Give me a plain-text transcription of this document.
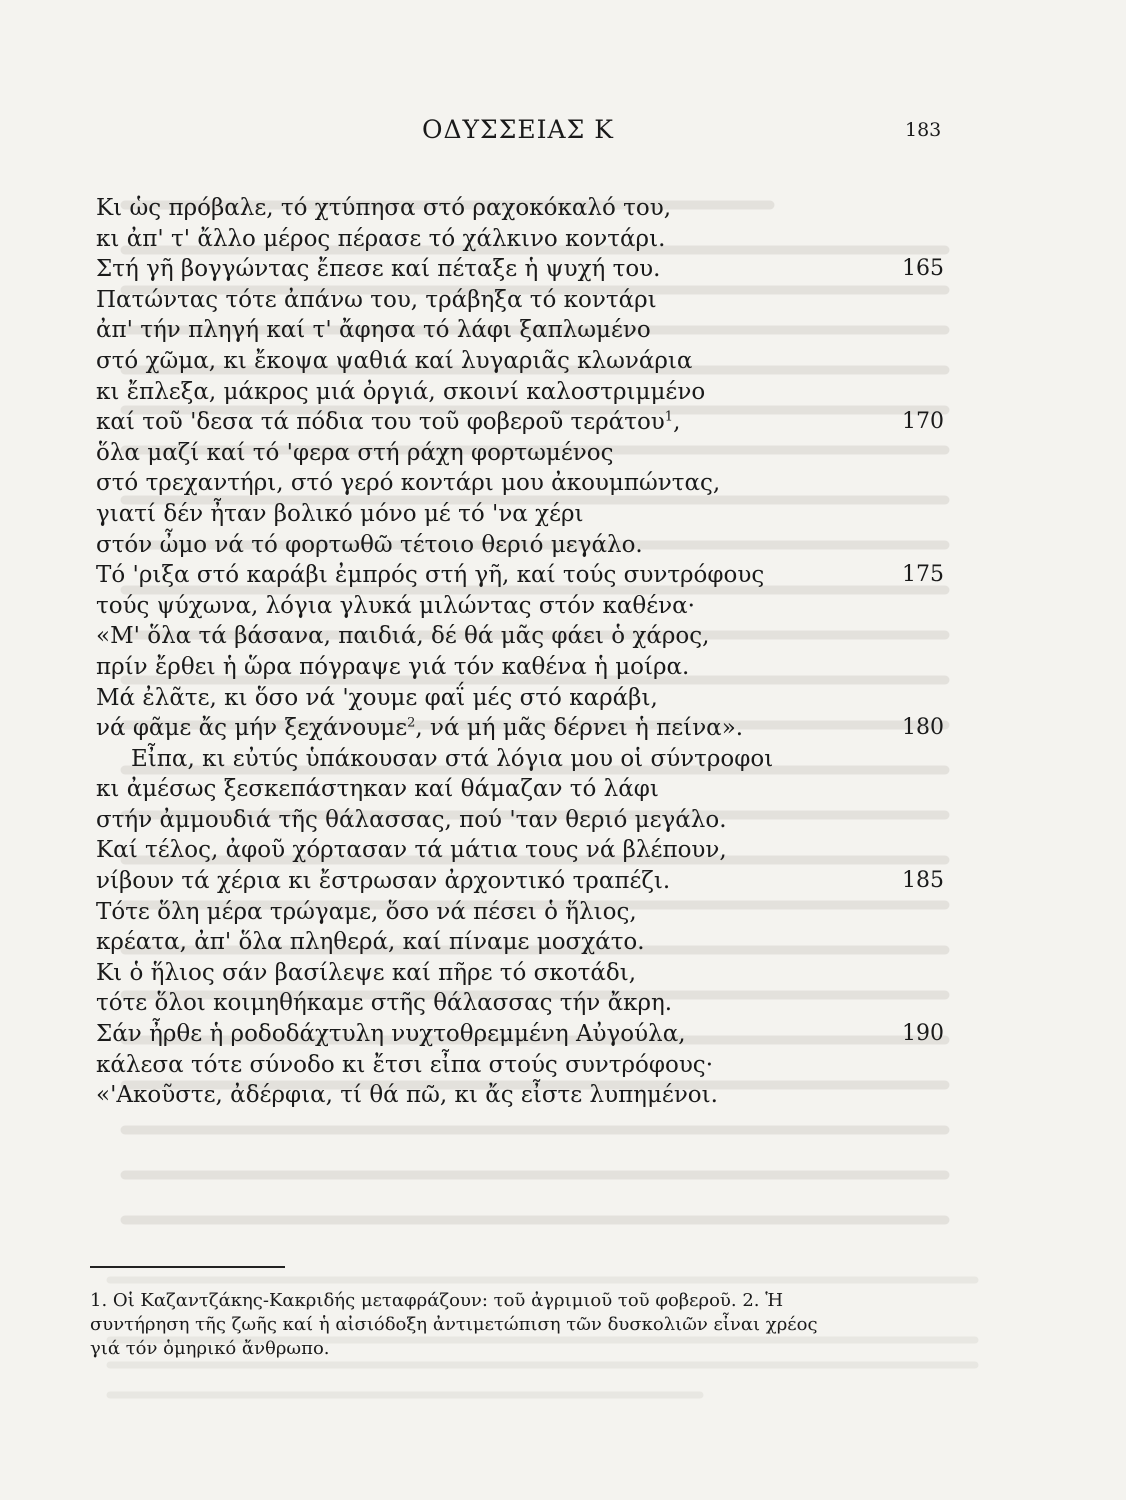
ΟΔΥΣΣΕΙΑΣ Κ	183
Κι ὡς πρόβαλε, τό χτύπησα στό ραχοκόκαλό του,
κι ἀπ' τ' ἄλλο μέρος πέρασε τό χάλκινο κοντάρι.
Στή γῆ βογγώντας ἔπεσε καί πέταξε ἡ ψυχή του.	165
Πατώντας τότε ἀπάνω του, τράβηξα τό κοντάρι
ἀπ' τήν πληγή καί τ' ἄφησα τό λάφι ξαπλωμένο
στό χῶμα, κι ἔκοψα ψαθιά καί λυγαριᾶς κλωνάρια
κι ἔπλεξα, μάκρος μιά ὀργιά, σκοινί καλοστριμμένο
καί τοῦ 'δεσα τά πόδια του τοῦ φοβεροῦ τεράτου$^1$,	170
ὅλα μαζί καί τό 'φερα στή ράχη φορτωμένος
στό τρεχαντήρι, στό γερό κοντάρι μου ἀκουμπώντας,
γιατί δέν ἦταν βολικό μόνο μέ τό 'να χέρι
στόν ὦμο νά τό φορτωθῶ τέτοιο θεριό μεγάλο.
Τό 'ριξα στό καράβι ἐμπρός στή γῆ, καί τούς συντρόφους	175
τούς ψύχωνα, λόγια γλυκά μιλώντας στόν καθένα·
«Μ' ὅλα τά βάσανα, παιδιά, δέ θά μᾶς φάει ὁ χάρος,
πρίν ἔρθει ἡ ὥρα πόγραψε γιά τόν καθένα ἡ μοίρα.
Μά ἐλᾶτε, κι ὅσο νά 'χουμε φαΐ μές στό καράβι,
νά φᾶμε ἄς μήν ξεχάνουμε$^2$, νά μή μᾶς δέρνει ἡ πείνα».	180
Εἶπα, κι εὐτύς ὑπάκουσαν στά λόγια μου οἱ σύντροφοι
κι ἀμέσως ξεσκεπάστηκαν καί θάμαζαν τό λάφι
στήν ἀμμουδιά τῆς θάλασσας, πού 'ταν θεριό μεγάλο.
Καί τέλος, ἀφοῦ χόρτασαν τά μάτια τους νά βλέπουν,
νίβουν τά χέρια κι ἔστρωσαν ἀρχοντικό τραπέζι.	185
Τότε ὅλη μέρα τρώγαμε, ὅσο νά πέσει ὁ ἥλιος,
κρέατα, ἀπ' ὅλα πληθερά, καί πίναμε μοσχάτο.
Κι ὁ ἥλιος σάν βασίλεψε καί πῆρε τό σκοτάδι,
τότε ὅλοι κοιμηθήκαμε στῆς θάλασσας τήν ἄκρη.
Σάν ἦρθε ἡ ροδοδάχτυλη νυχτοθρεμμένη Αὐγούλα,	190
κάλεσα τότε σύνοδο κι ἔτσι εἶπα στούς συντρόφους·
«'Ακοῦστε, ἀδέρφια, τί θά πῶ, κι ἄς εἶστε λυπημένοι.
1. Οἱ Καζαντζάκης-Κακριδής μεταφράζουν: τοῦ ἀγριμιοῦ τοῦ φοβεροῦ. 2. Ἡ
συντήρηση τῆς ζωῆς καί ἡ αἰσιόδοξη ἀντιμετώπιση τῶν δυσκολιῶν εἶναι χρέος
γιά τόν ὁμηρικό ἄνθρωπο.
